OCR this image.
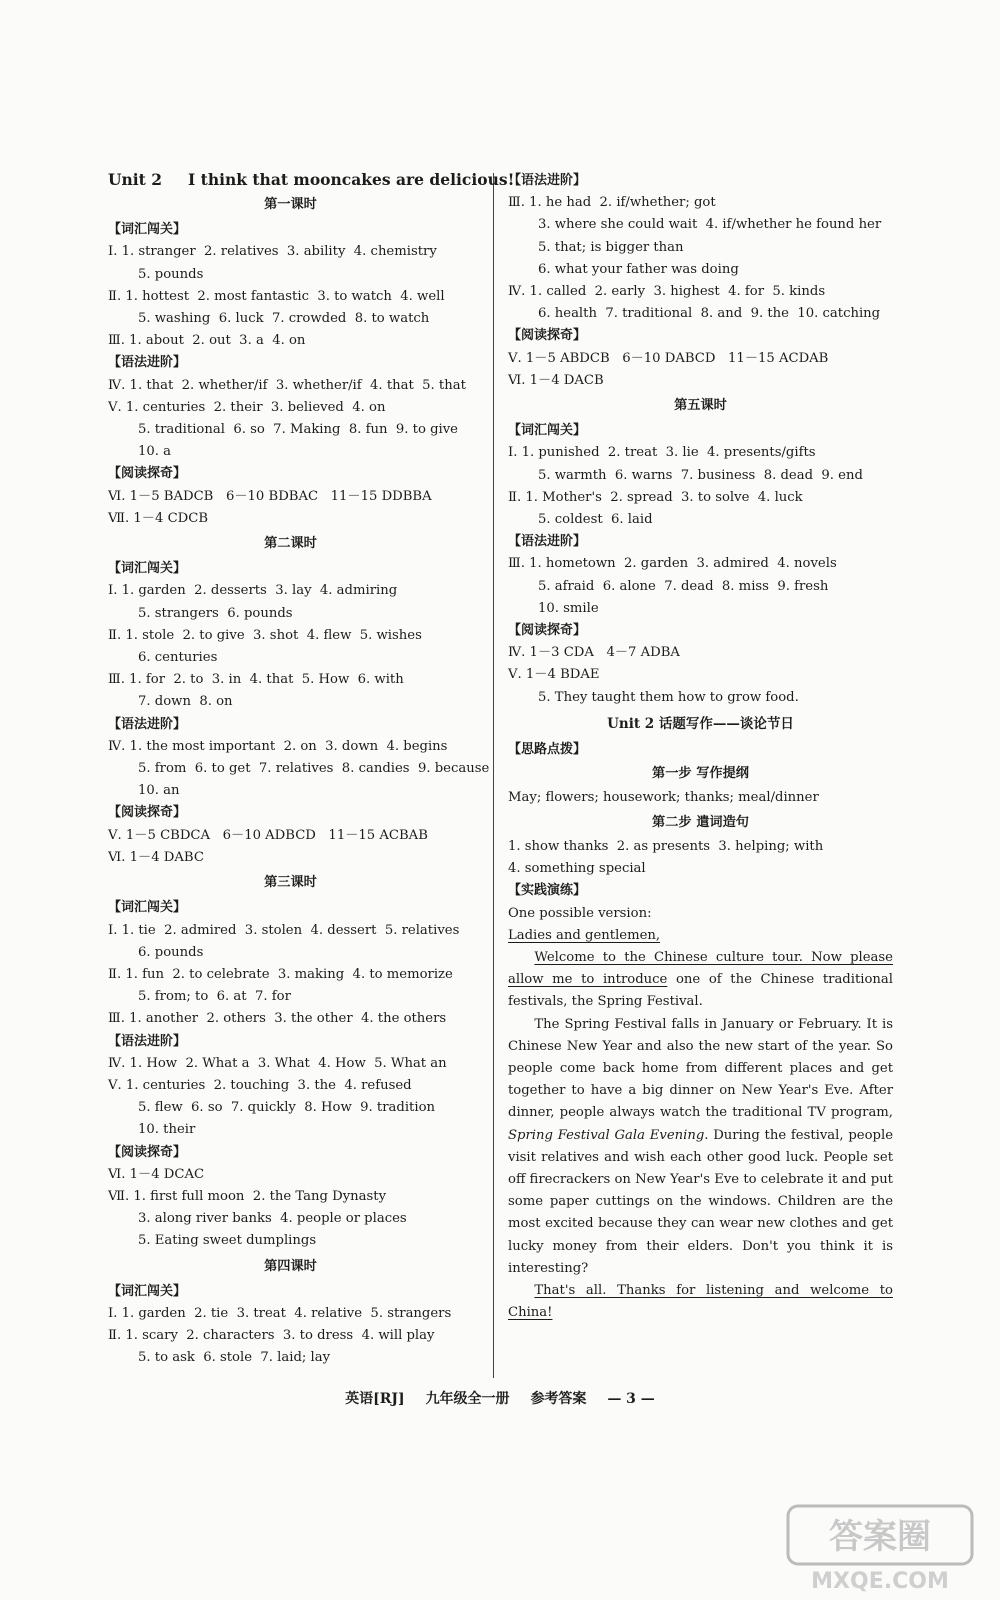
Unit 2 I think that mooncakes are delicious!

第一课时

【词汇闯关】

Ⅰ. 1. stranger  2. relatives  3. ability  4. chemistry

5. pounds

Ⅱ. 1. hottest  2. most fantastic  3. to watch  4. well

5. washing  6. luck  7. crowded  8. to watch

Ⅲ. 1. about  2. out  3. a  4. on

【语法进阶】

Ⅳ. 1. that  2. whether/if  3. whether/if  4. that  5. that

Ⅴ. 1. centuries  2. their  3. believed  4. on

5. traditional  6. so  7. Making  8. fun  9. to give

10. a

【阅读探奇】

Ⅵ. 1－5 BADCB   6－10 BDBAC   11－15 DDBBA

Ⅶ. 1－4 CDCB

第二课时

【词汇闯关】

Ⅰ. 1. garden  2. desserts  3. lay  4. admiring

5. strangers  6. pounds

Ⅱ. 1. stole  2. to give  3. shot  4. flew  5. wishes

6. centuries

Ⅲ. 1. for  2. to  3. in  4. that  5. How  6. with

7. down  8. on

【语法进阶】

Ⅳ. 1. the most important  2. on  3. down  4. begins

5. from  6. to get  7. relatives  8. candies  9. because

10. an

【阅读探奇】

Ⅴ. 1－5 CBDCA   6－10 ADBCD   11－15 ACBAB

Ⅵ. 1－4 DABC

第三课时

【词汇闯关】

Ⅰ. 1. tie  2. admired  3. stolen  4. dessert  5. relatives

6. pounds

Ⅱ. 1. fun  2. to celebrate  3. making  4. to memorize

5. from; to  6. at  7. for

Ⅲ. 1. another  2. others  3. the other  4. the others

【语法进阶】

Ⅳ. 1. How  2. What a  3. What  4. How  5. What an

Ⅴ. 1. centuries  2. touching  3. the  4. refused

5. flew  6. so  7. quickly  8. How  9. tradition

10. their

【阅读探奇】

Ⅵ. 1－4 DCAC

Ⅶ. 1. first full moon  2. the Tang Dynasty

3. along river banks  4. people or places

5. Eating sweet dumplings

第四课时

【词汇闯关】

Ⅰ. 1. garden  2. tie  3. treat  4. relative  5. strangers

Ⅱ. 1. scary  2. characters  3. to dress  4. will play

5. to ask  6. stole  7. laid; lay

【语法进阶】

Ⅲ. 1. he had  2. if/whether; got

3. where she could wait  4. if/whether he found her

5. that; is bigger than

6. what your father was doing

Ⅳ. 1. called  2. early  3. highest  4. for  5. kinds

6. health  7. traditional  8. and  9. the  10. catching

【阅读探奇】

Ⅴ. 1－5 ABDCB   6－10 DABCD   11－15 ACDAB

Ⅵ. 1－4 DACB

第五课时

【词汇闯关】

Ⅰ. 1. punished  2. treat  3. lie  4. presents/gifts

5. warmth  6. warns  7. business  8. dead  9. end

Ⅱ. 1. Mother's  2. spread  3. to solve  4. luck

5. coldest  6. laid

【语法进阶】

Ⅲ. 1. hometown  2. garden  3. admired  4. novels

5. afraid  6. alone  7. dead  8. miss  9. fresh

10. smile

【阅读探奇】

Ⅳ. 1－3 CDA   4－7 ADBA

Ⅴ. 1－4 BDAE

5. They taught them how to grow food.

Unit 2 话题写作——谈论节日

【思路点拨】

第一步 写作提纲

May; flowers; housework; thanks; meal/dinner

第二步 遣词造句

1. show thanks  2. as presents  3. helping; with

4. something special

【实践演练】

One possible version:

Ladies and gentlemen,

Welcome to the Chinese culture tour. Now please allow me to introduce one of the Chinese traditional festivals, the Spring Festival.

The Spring Festival falls in January or February. It is Chinese New Year and also the new start of the year. So people come back home from different places and get together to have a big dinner on New Year's Eve. After dinner, people always watch the traditional TV program, Spring Festival Gala Evening. During the festival, people visit relatives and wish each other good luck. People set off firecrackers on New Year's Eve to celebrate it and put some paper cuttings on the windows. Children are the most excited because they can wear new clothes and get lucky money from their elders. Don't you think it is interesting?

That's all. Thanks for listening and welcome to China!

英语[RJ] 九年级全一册 参考答案 — 3 —
答案圈
MXQE.COM
